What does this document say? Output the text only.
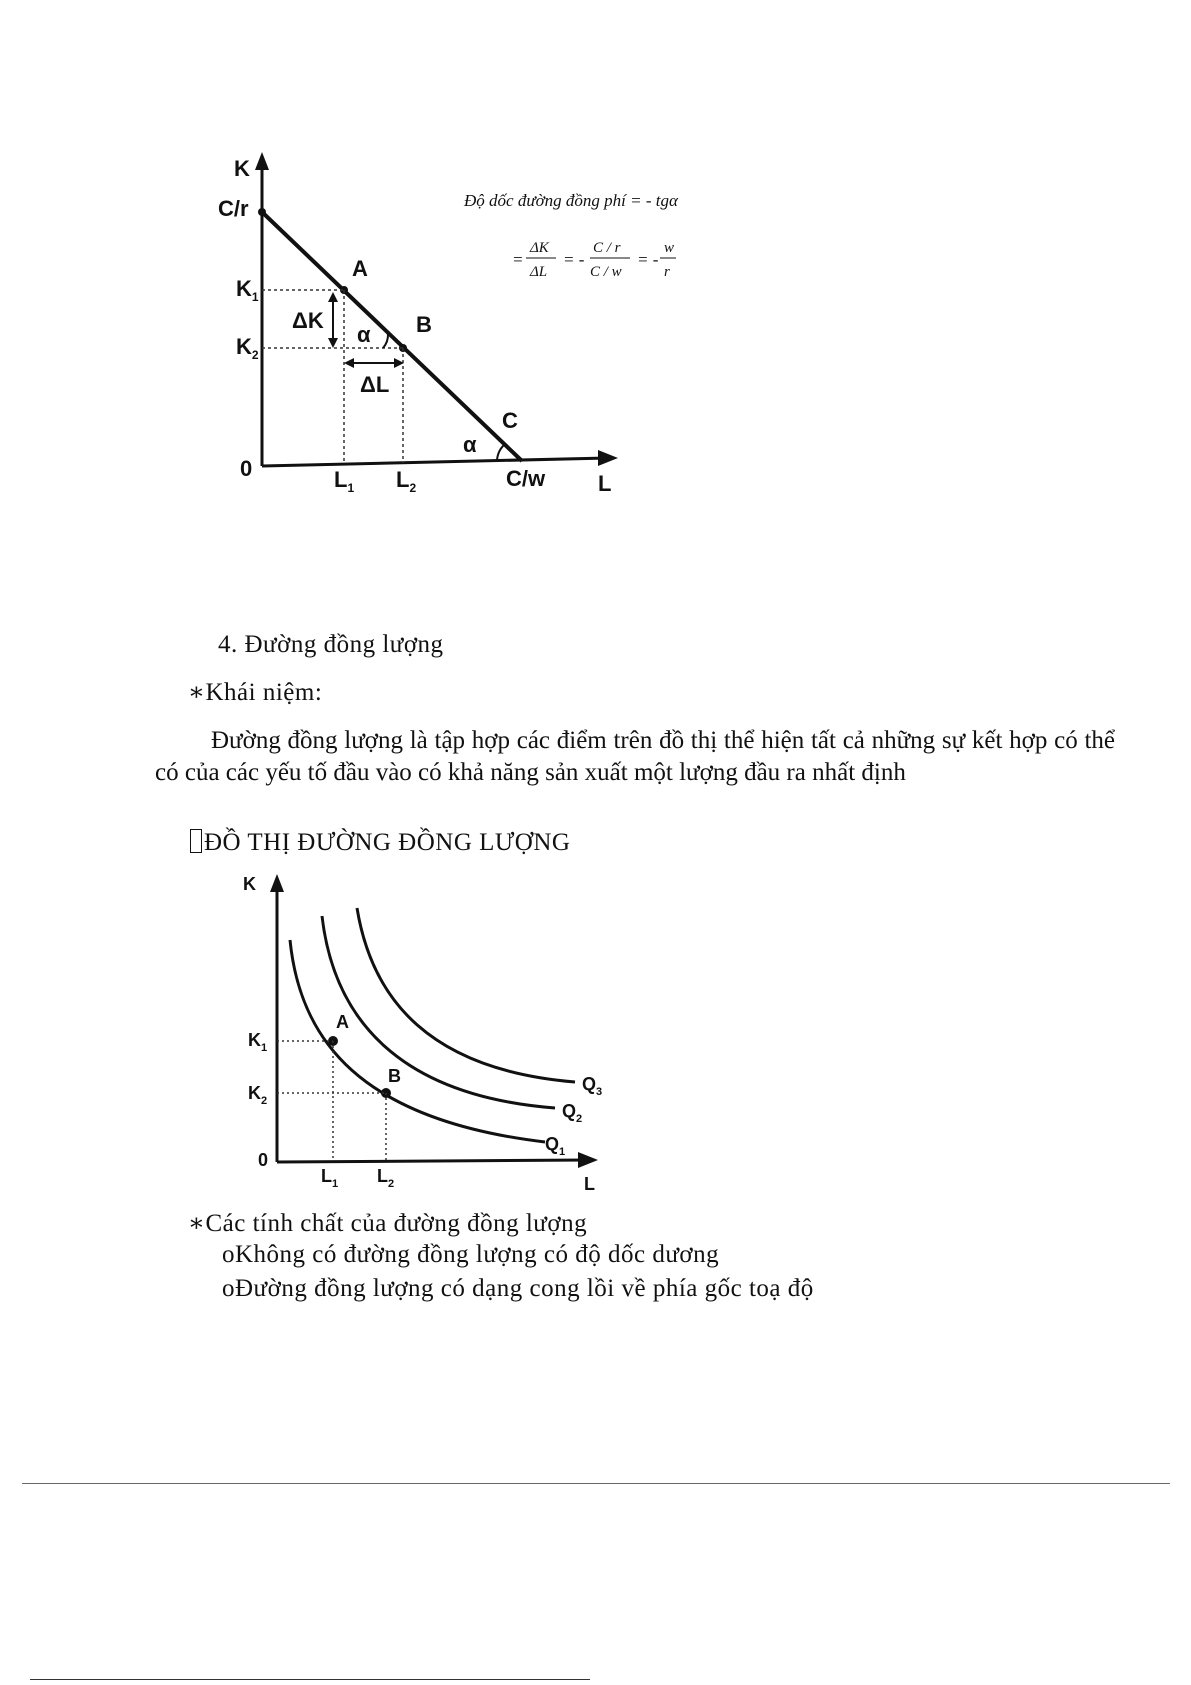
K
C/r
$K_1$
$K_2$
0	$L_1$ $L_2$	C/w L
A
B
C
ΔK
ΔL
α
α
Độ dốc đường đồng phí = - tgα
=
ΔK
ΔL
= -
C / r
C / w
= -
w
r
4. Đường đồng lượng
∗Khái niệm:
Đường đồng lượng là tập hợp các điểm trên đồ thị thể hiện tất cả những sự kết hợp có thể có của các yếu tố đầu vào có khả năng sản xuất một lượng đầu ra nhất định
ĐỒ THỊ ĐƯỜNG ĐỒNG LƯỢNG
K
$K_1$
$K_2$
0
$L_1$ $L_2$	L
A
B
$Q_1$
$Q_2$
$Q_3$
∗Các tính chất của đường đồng lượng
oKhông có đường đồng lượng có độ dốc dương
oĐường đồng lượng có dạng cong lồi về phía gốc toạ độ
